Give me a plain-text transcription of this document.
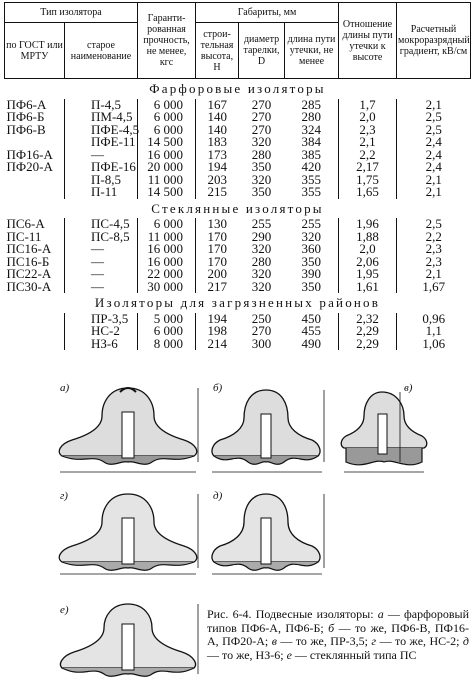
Тип изолятора		Гарантированная прочность, не менее, кгс	Габариты, мм			Отношение длины пути утечки к высоте	Расчетный мокроразрядный градиент, кВ/см
по ГОСТ или МРТУ	старое наименование		строительная высота, H	диаметр тарелки, D	длина пути утечки, не менее		
Фарфоровые изоляторы							
ПФ6-А	П-4,5	6 000	167	270	285	1,7	2,1
ПФ6-Б	ПМ-4,5	6 000	140	270	280	2,0	2,5
ПФ6-В	ПФЕ-4,5	6 000	140	270	324	2,3	2,5
	ПФЕ-11	14 500	183	320	384	2,1	2,4
ПФ16-А	—	16 000	173	280	385	2,2	2,4
ПФ20-А	ПФЕ-16	20 000	194	350	420	2,17	2,4
	П-8,5	11 000	203	320	355	1,75	2,1
	П-11	14 500	215	350	355	1,65	2,1
Стеклянные изоляторы							
ПС6-А	ПС-4,5	6 000	130	255	255	1,96	2,5
ПС-11	ПС-8,5	11 000	170	290	320	1,88	2,2
ПС16-А	—	16 000	170	320	360	2,0	2,3
ПС16-Б	—	16 000	170	280	350	2,06	2,3
ПС22-А	—	22 000	200	320	390	1,95	2,1
ПС30-А	—	30 000	217	320	350	1,61	1,67
Изоляторы для загрязненных районов							
	ПР-3,5	5 000	194	250	450	2,32	0,96
	НС-2	6 000	198	270	455	2,29	1,1
	НЗ-6	8 000	214	300	490	2,29	1,06
а)	б)	в)
г)	д)
е)	Рис. 6-4. Подвесные изоляторы: а — фарфоровый типов ПФ6-А, ПФ6-Б; б — то же, ПФ6-В, ПФ16-А, ПФ20-А; в — то же, ПР-3,5; г — то же, НС-2; д — то же, НЗ-6; е — стеклянный типа ПС
